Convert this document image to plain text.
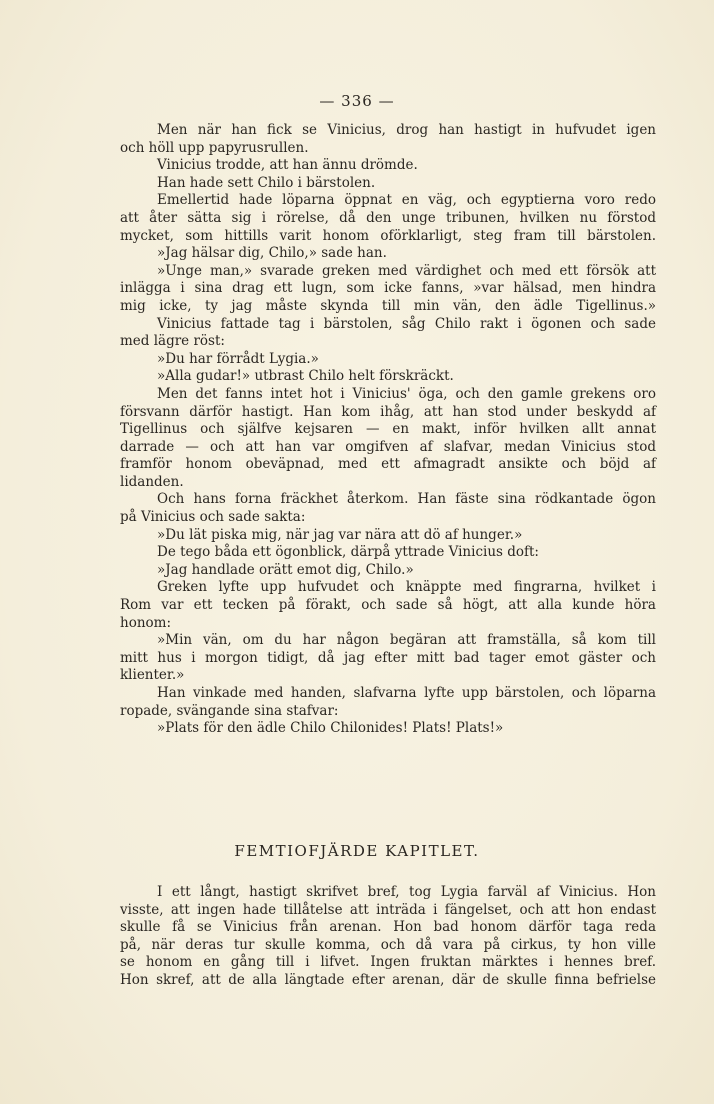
— 336 —
Men när han fick se Vinicius, drog han hastigt in hufvudet igen
och höll upp papyrusrullen.
Vinicius trodde, att han ännu drömde.
Han hade sett Chilo i bärstolen.
Emellertid hade löparna öppnat en väg, och egyptierna voro redo
att åter sätta sig i rörelse, då den unge tribunen, hvilken nu förstod
mycket, som hittills varit honom oförklarligt, steg fram till bärstolen.
»Jag hälsar dig, Chilo,» sade han.
»Unge man,» svarade greken med värdighet och med ett försök att
inlägga i sina drag ett lugn, som icke fanns, »var hälsad, men hindra
mig icke, ty jag måste skynda till min vän, den ädle Tigellinus.»
Vinicius fattade tag i bärstolen, såg Chilo rakt i ögonen och sade
med lägre röst:
»Du har förrådt Lygia.»
»Alla gudar!» utbrast Chilo helt förskräckt.
Men det fanns intet hot i Vinicius' öga, och den gamle grekens oro
försvann därför hastigt. Han kom ihåg, att han stod under beskydd af
Tigellinus och själfve kejsaren — en makt, inför hvilken allt annat
darrade — och att han var omgifven af slafvar, medan Vinicius stod
framför honom obeväpnad, med ett afmagradt ansikte och böjd af
lidanden.
Och hans forna fräckhet återkom. Han fäste sina rödkantade ögon
på Vinicius och sade sakta:
»Du lät piska mig, när jag var nära att dö af hunger.»
De tego båda ett ögonblick, därpå yttrade Vinicius doft:
»Jag handlade orätt emot dig, Chilo.»
Greken lyfte upp hufvudet och knäppte med fingrarna, hvilket i
Rom var ett tecken på förakt, och sade så högt, att alla kunde höra
honom:
»Min vän, om du har någon begäran att framställa, så kom till
mitt hus i morgon tidigt, då jag efter mitt bad tager emot gäster och
klienter.»
Han vinkade med handen, slafvarna lyfte upp bärstolen, och löparna
ropade, svängande sina stafvar:
»Plats för den ädle Chilo Chilonides! Plats! Plats!»
FEMTIOFJÄRDE KAPITLET.
I ett långt, hastigt skrifvet bref, tog Lygia farväl af Vinicius. Hon
visste, att ingen hade tillåtelse att inträda i fängelset, och att hon endast
skulle få se Vinicius från arenan. Hon bad honom därför taga reda
på, när deras tur skulle komma, och då vara på cirkus, ty hon ville
se honom en gång till i lifvet. Ingen fruktan märktes i hennes bref.
Hon skref, att de alla längtade efter arenan, där de skulle finna befrielse
